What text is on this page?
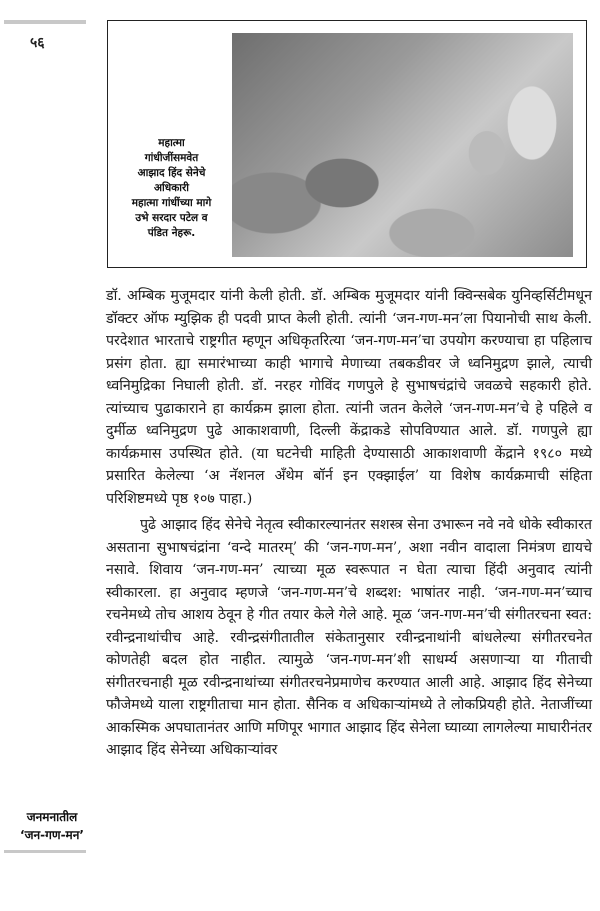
५६
महात्मा
गांधीजींसमवेत
आझाद हिंद सेनेचे
अधिकारी
महात्मा गांधींच्या मागे
उभे सरदार पटेल व
पंडित नेहरू.

डॉ. अम्बिक मुजूमदार यांनी केली होती. डॉ. अम्बिक मुजूमदार यांनी क्विन्सबेक युनिव्हर्सिटीमधून डॉक्टर ऑफ म्युझिक ही पदवी प्राप्त केली होती. त्यांनी ‘जन-गण-मन’ला पियानोची साथ केली. परदेशात भारताचे राष्ट्रगीत म्हणून अधिकृतरित्या ‘जन-गण-मन’चा उपयोग करण्याचा हा पहिलाच प्रसंग होता. ह्या समारंभाच्या काही भागाचे मेणाच्या तबकडीवर जे ध्वनिमुद्रण झाले, त्याची ध्वनिमुद्रिका निघाली होती. डॉ. नरहर गोविंद गणपुले हे सुभाषचंद्रांचे जवळचे सहकारी होते. त्यांच्याच पुढाकाराने हा कार्यक्रम झाला होता. त्यांनी जतन केलेले ‘जन-गण-मन’चे हे पहिले व दुर्मीळ ध्वनिमुद्रण पुढे आकाशवाणी, दिल्ली केंद्राकडे सोपविण्यात आले. डॉ. गणपुले ह्या कार्यक्रमास उपस्थित होते. (या घटनेची माहिती देण्यासाठी आकाशवाणी केंद्राने १९८० मध्ये प्रसारित केलेल्या ‘अ नॅशनल अँथेम बॉर्न इन एक्झाईल’ या विशेष कार्यक्रमाची संहिता परिशिष्टमध्ये पृष्ठ १०७ पाहा.)

पुढे आझाद हिंद सेनेचे नेतृत्व स्वीकारल्यानंतर सशस्त्र सेना उभारून नवे नवे धोके स्वीकारत असताना सुभाषचंद्रांना ‘वन्दे मातरम्’ की ‘जन-गण-मन’, अशा नवीन वादाला निमंत्रण द्यायचे नसावे. शिवाय ‘जन-गण-मन’ त्याच्या मूळ स्वरूपात न घेता त्याचा हिंदी अनुवाद त्यांनी स्वीकारला. हा अनुवाद म्हणजे ‘जन-गण-मन’चे शब्दश: भाषांतर नाही. ‘जन-गण-मन’च्याच रचनेमध्ये तोच आशय ठेवून हे गीत तयार केले गेले आहे. मूळ ‘जन-गण-मन’ची संगीतरचना स्वत: रवीन्द्रनाथांचीच आहे. रवीन्द्रसंगीतातील संकेतानुसार रवीन्द्रनाथांनी बांधलेल्या संगीतरचनेत कोणतेही बदल होत नाहीत. त्यामुळे ‘जन-गण-मन’शी साधर्म्य असणाऱ्या या गीताची संगीतरचनाही मूळ रवीन्द्रनाथांच्या संगीतरचनेप्रमाणेच करण्यात आली आहे. आझाद हिंद सेनेच्या फौजेमध्ये याला राष्ट्रगीताचा मान होता. सैनिक व अधिकाऱ्यांमध्ये ते लोकप्रियही होते. नेताजींच्या आकस्मिक अपघातानंतर आणि मणिपूर भागात आझाद हिंद सेनेला घ्याव्या लागलेल्या माघारीनंतर आझाद हिंद सेनेच्या अधिकाऱ्यांवर

जनमनातील
‘जन-गण-मन’
